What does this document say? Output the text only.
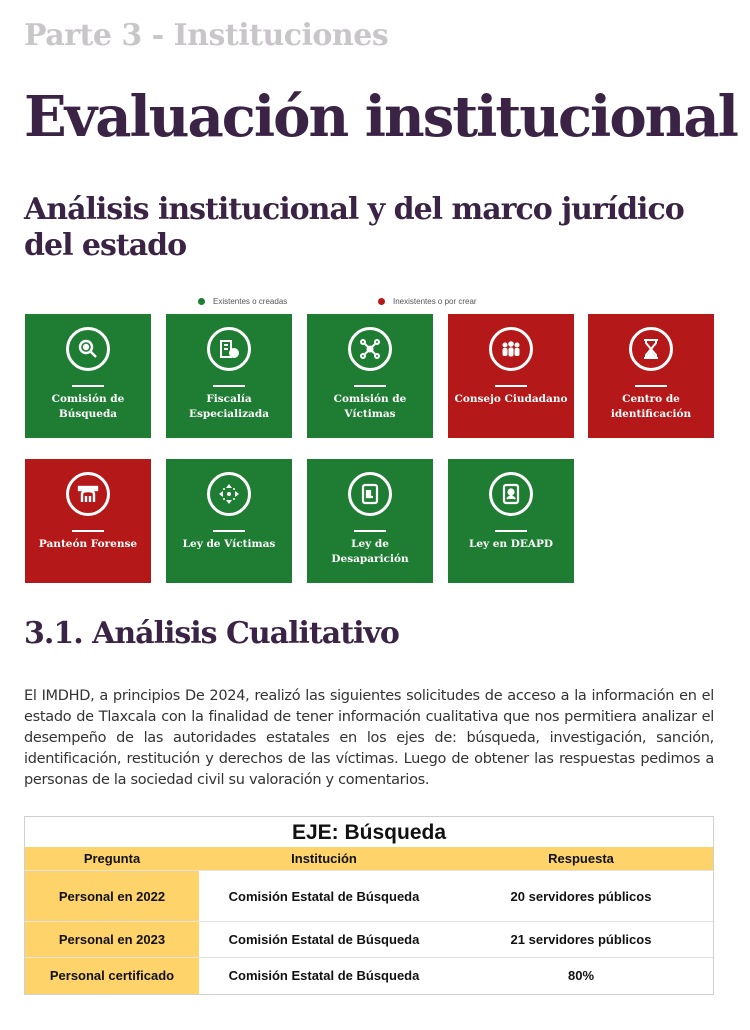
Parte 3 - Instituciones
Evaluación institucional
Análisis institucional y del marco jurídico del estado
Existentes o creadas	Inexistentes o por crear
Comisión de Búsqueda
Fiscalía Especializada
Comisión de Víctimas
Consejo Ciudadano	Centro de identificación
Panteón Forense	Ley de Víctimas	Ley de Desaparición
Ley en DEAPD
3.1. Análisis Cualitativo
El IMDHD, a principios De 2024, realizó las siguientes solicitudes de acceso a la información en el estado de Tlaxcala con la finalidad de tener información cualitativa que nos permitiera analizar el desempeño de las autoridades estatales en los ejes de: búsqueda, investigación, sanción, identificación, restitución y derechos de las víctimas. Luego de obtener las respuestas pedimos a personas de la sociedad civil su valoración y comentarios.
EJE: Búsqueda
Pregunta	Institución	Respuesta
Personal en 2022	Comisión Estatal de Búsqueda	20 servidores públicos
Personal en 2023	Comisión Estatal de Búsqueda	21 servidores públicos
Personal certificado	Comisión Estatal de Búsqueda	80%
